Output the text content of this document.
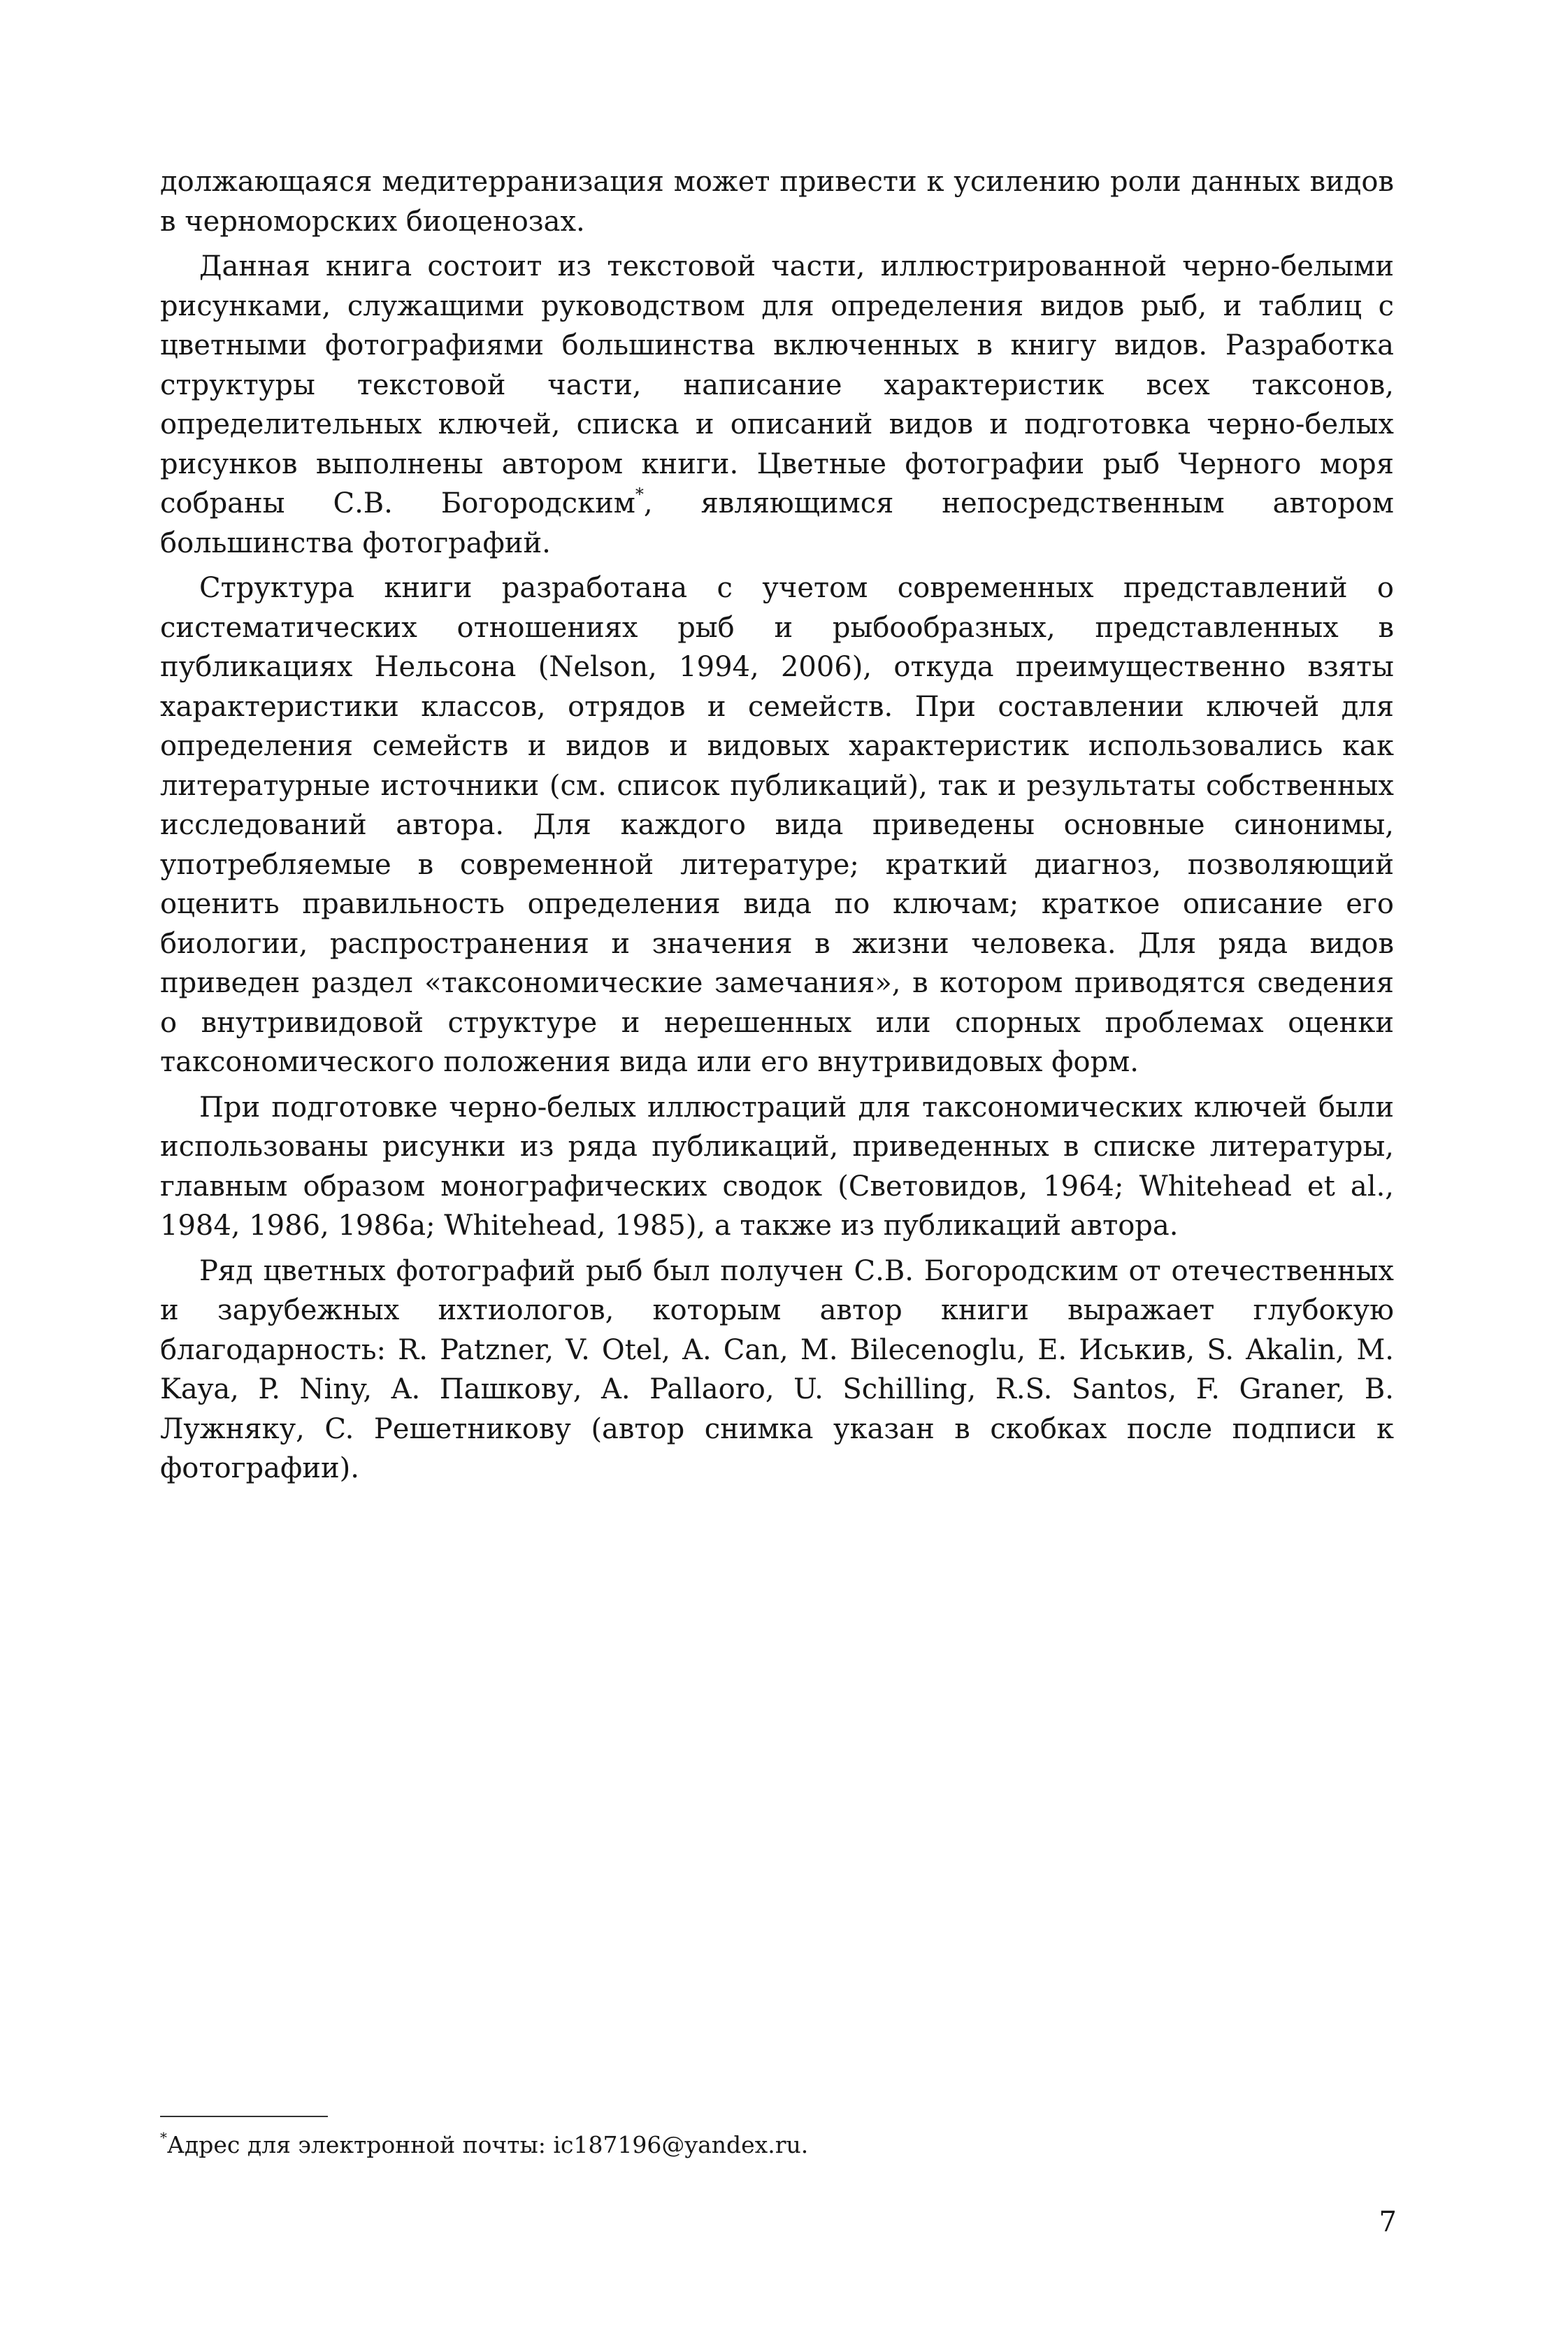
должающаяся медитерранизация может привести к усилению роли данных видов в черноморских биоценозах.

Данная книга состоит из текстовой части, иллюстрированной черно-белыми рисунками, служащими руководством для определения видов рыб, и таблиц с цветными фотографиями большинства включенных в книгу видов. Разработка структуры текстовой части, написание характеристик всех таксонов, определительных ключей, списка и описаний видов и подготовка черно-белых рисунков выполнены автором книги. Цветные фотографии рыб Черного моря собраны С.В. Богородским*, являющимся непосредственным автором большинства фотографий.

Структура книги разработана с учетом современных представлений о систематических отношениях рыб и рыбообразных, представленных в публикациях Нельсона (Nelson, 1994, 2006), откуда преимущественно взяты характеристики классов, отрядов и семейств. При составлении ключей для определения семейств и видов и видовых характеристик использовались как литературные источники (см. список публикаций), так и результаты собственных исследований автора. Для каждого вида приведены основные синонимы, употребляемые в современной литературе; краткий диагноз, позволяющий оценить правильность определения вида по ключам; краткое описание его биологии, распространения и значения в жизни человека. Для ряда видов приведен раздел «таксономические замечания», в котором приводятся сведения о внутривидовой структуре и нерешенных или спорных проблемах оценки таксономического положения вида или его внутривидовых форм.

При подготовке черно-белых иллюстраций для таксономических ключей были использованы рисунки из ряда публикаций, приведенных в списке литературы, главным образом монографических сводок (Световидов, 1964; Whitehead et al., 1984, 1986, 1986a; Whitehead, 1985), а также из публикаций автора.

Ряд цветных фотографий рыб был получен С.В. Богородским от отечественных и зарубежных ихтиологов, которым автор книги выражает глубокую благодарность: R. Patzner, V. Otel, A. Can, M. Bilecenoglu, E. Иськив, S. Akalin, M. Kaya, P. Niny, A. Пашкову, A. Pallaoro, U. Schilling, R.S. Santos, F. Graner, B. Лужняку, C. Решетникову (автор снимка указан в скобках после подписи к фотографии).

*Адрес для электронной почты: ic187196@yandex.ru.
7
